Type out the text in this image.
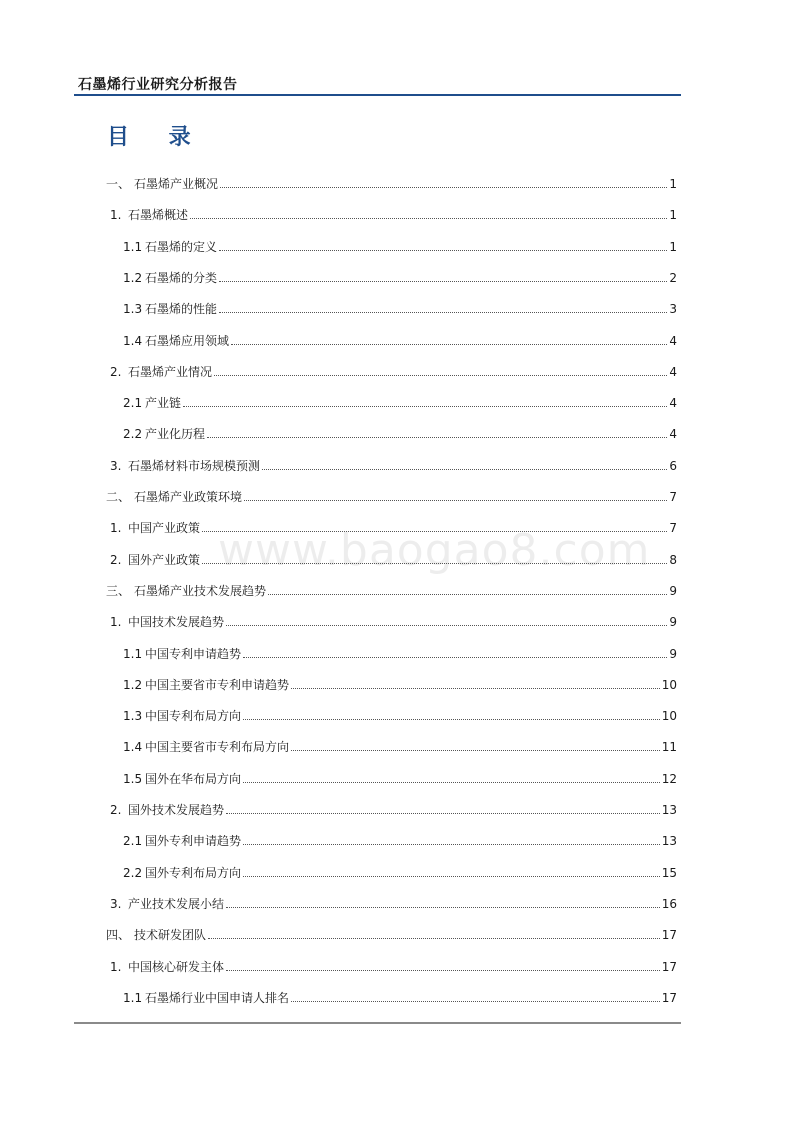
石墨烯行业研究分析报告
目 录
www.baogao8.com
一、 石墨烯产业概况	1
1. 石墨烯概述	1
1.1 石墨烯的定义	1
1.2 石墨烯的分类	2
1.3 石墨烯的性能	3
1.4 石墨烯应用领域	4
2. 石墨烯产业情况	4
2.1 产业链	4
2.2 产业化历程	4
3. 石墨烯材料市场规模预测	6
二、 石墨烯产业政策环境	7
1. 中国产业政策	7
2. 国外产业政策	8
三、 石墨烯产业技术发展趋势	9
1. 中国技术发展趋势	9
1.1 中国专利申请趋势	9
1.2 中国主要省市专利申请趋势	10
1.3 中国专利布局方向	10
1.4 中国主要省市专利布局方向	11
1.5 国外在华布局方向	12
2. 国外技术发展趋势	13
2.1 国外专利申请趋势	13
2.2 国外专利布局方向	15
3. 产业技术发展小结	16
四、 技术研发团队	17
1. 中国核心研发主体	17
1.1 石墨烯行业中国申请人排名	17
